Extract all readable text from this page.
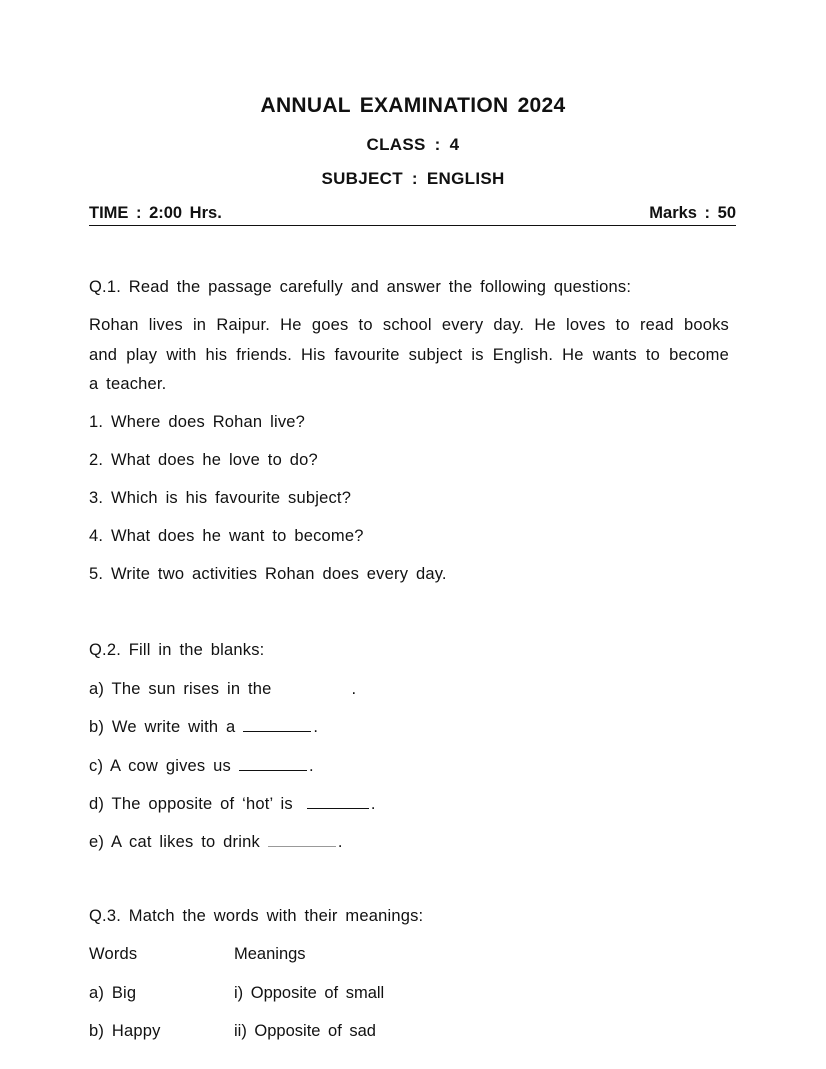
ANNUAL EXAMINATION 2024
CLASS : 4
SUBJECT : ENGLISH
TIME : 2:00 Hrs.	Marks : 50
Q.1. Read the passage carefully and answer the following questions:
Rohan lives in Raipur. He goes to school every day. He loves to read books and play with his friends. His favourite subject is English. He wants to become a teacher.
1. Where does Rohan live?
2. What does he love to do?
3. Which is his favourite subject?
4. What does he want to become?
5. Write two activities Rohan does every day.
Q.2. Fill in the blanks:
a) The sun rises in the	.
b) We write with a	.
c) A cow gives us	.
d) The opposite of ‘hot’ is	.
e) A cat likes to drink	.
Q.3. Match the words with their meanings:
Words	Meanings
a) Big	i) Opposite of small
b) Happy	ii) Opposite of sad
